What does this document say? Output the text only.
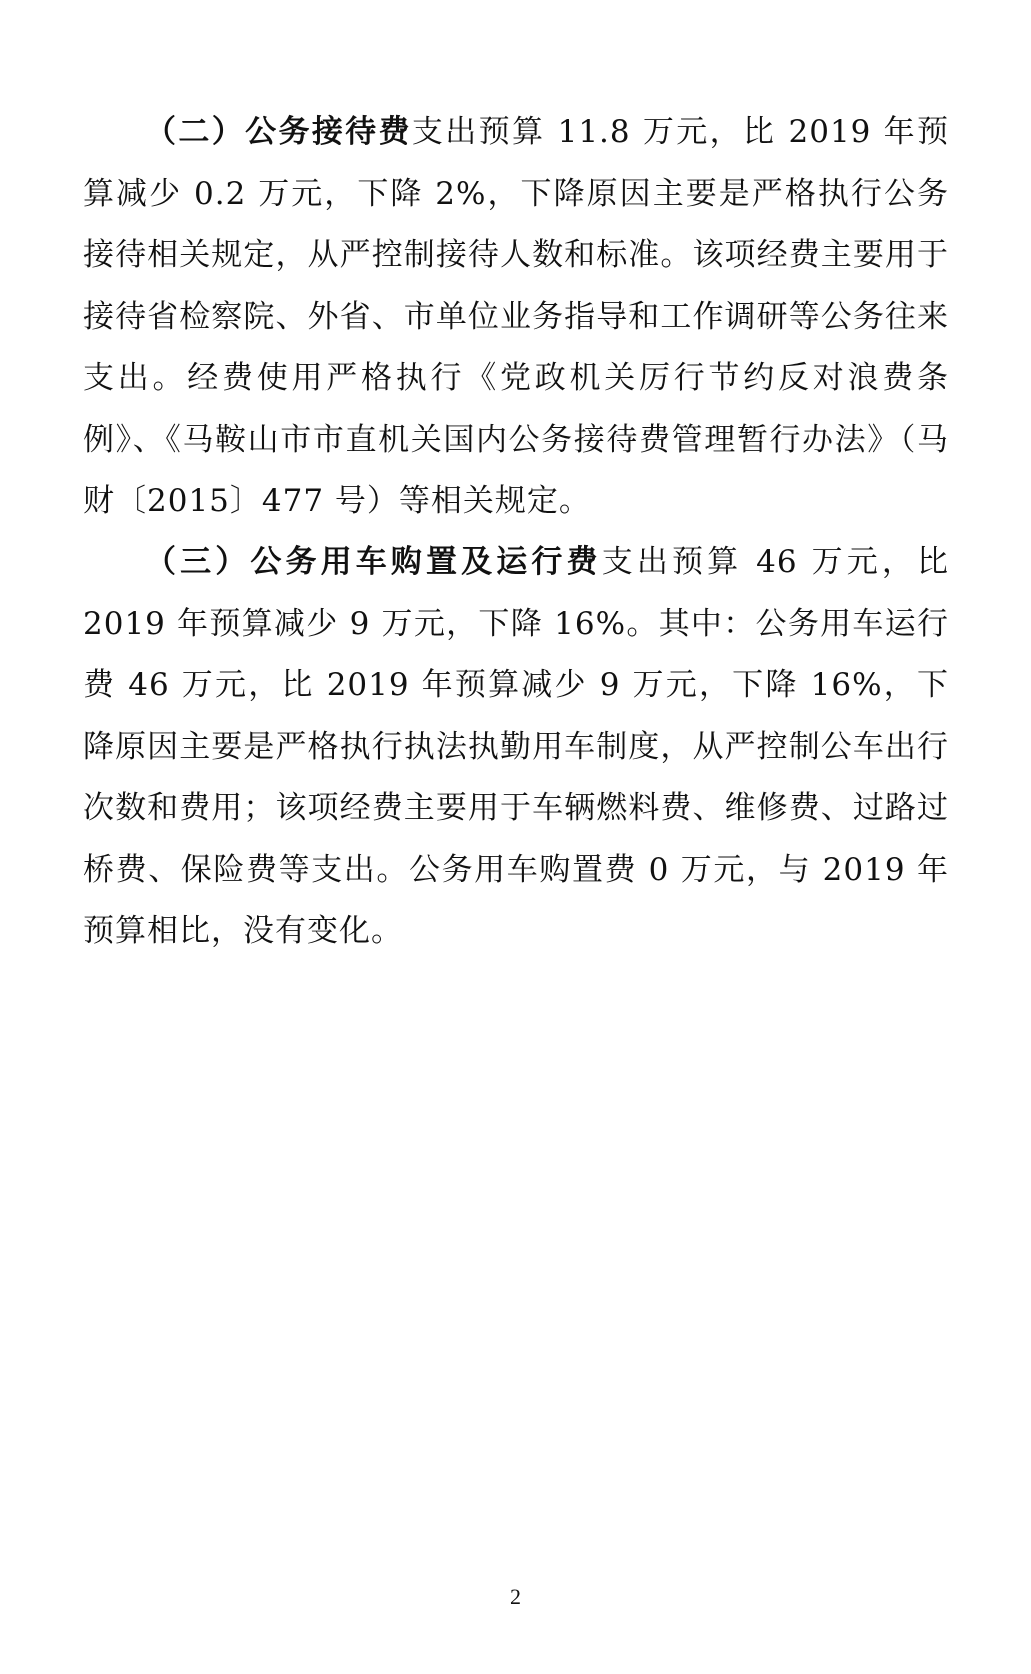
（二）公务接待费支出预算 11.8 万元，比 2019 年预算减少 0.2 万元，下降 2%，下降原因主要是严格执行公务接待相关规定，从严控制接待人数和标准。该项经费主要用于接待省检察院、外省、市单位业务指导和工作调研等公务往来支出。经费使用严格执行《党政机关厉行节约反对浪费条例》、《马鞍山市市直机关国内公务接待费管理暂行办法》（马财〔2015〕477 号）等相关规定。

（三）公务用车购置及运行费支出预算 46 万元，比 2019 年预算减少 9 万元，下降 16%。其中：公务用车运行费 46 万元，比 2019 年预算减少 9 万元，下降 16%，下降原因主要是严格执行执法执勤用车制度，从严控制公车出行次数和费用；该项经费主要用于车辆燃料费、维修费、过路过桥费、保险费等支出。公务用车购置费 0 万元，与 2019 年预算相比，没有变化。

2
